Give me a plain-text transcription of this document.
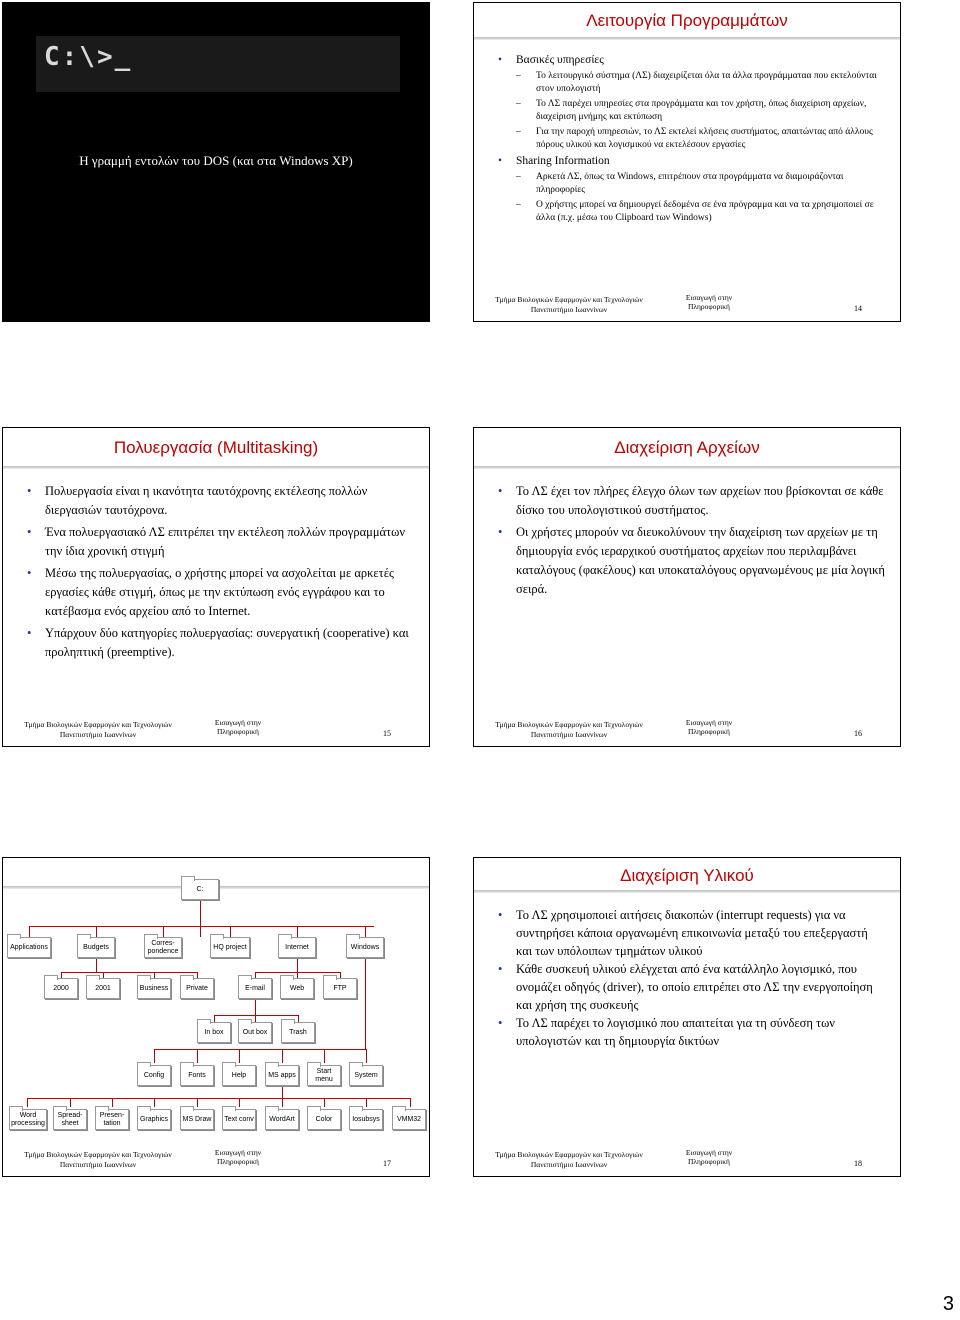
C:\>_
Η γραμμή εντολών του DOS (και στα Windows XP)
Λειτουργία Προγραμμάτων
• Βασικές υπηρεσίες
– Το λειτουργικό σύστημα (ΛΣ) διαχειρίζεται όλα τα άλλα προγράμματαα που εκτελούνται στον υπολογιστή
– Το ΛΣ παρέχει υπηρεσίες στα προγράμματα και τον χρήστη, όπως διαχείριση αρχείων, διαχείριση μνήμης και εκτύπωση
– Για την παροχή υπηρεσιών, το ΛΣ εκτελεί κλήσεις συστήματος, απαιτώντας από άλλους πόρους υλικού και λογισμικού να εκτελέσουν εργασίες
• Sharing Information
– Αρκετά ΛΣ, όπως τα Windows, επιτρέπουν στα προγράμματα να διαμοιράζονται πληροφορίες
– Ο χρήστης μπορεί να δημιουργεί δεδομένα σε ένα πρόγραμμα και να τα χρησιμοποιεί σε άλλα (π.χ. μέσω του Clipboard των Windows)
Τμήμα Βιολογικών Εφαρμογών και Τεχνολογιών
Πανεπιστήμιο Ιωαννίνων
Εισαγωγή στην Πληροφορική	14
Πολυεργασία (Multitasking)
• Πολυεργασία είναι η ικανότητα ταυτόχρονης εκτέλεσης πολλών διεργασιών ταυτόχρονα.
• Ένα πολυεργασιακό ΛΣ επιτρέπει την εκτέλεση πολλών προγραμμάτων την ίδια χρονική στιγμή
• Μέσω της πολυεργασίας, ο χρήστης μπορεί να ασχολείται με αρκετές εργασίες κάθε στιγμή, όπως με την εκτύπωση ενός εγγράφου και το κατέβασμα ενός αρχείου από το Internet.
• Υπάρχουν δύο κατηγορίες πολυεργασίας: συνεργατική (cooperative) και προληπτική (preemptive).
Τμήμα Βιολογικών Εφαρμογών και Τεχνολογιών
Πανεπιστήμιο Ιωαννίνων
Εισαγωγή στην Πληροφορική	15
Διαχείριση Αρχείων
• Το ΛΣ έχει τον πλήρες έλεγχο όλων των αρχείων που βρίσκονται σε κάθε δίσκο του υπολογιστικού συστήματος.
• Οι χρήστες μπορούν να διευκολύνουν την διαχείριση των αρχείων με τη δημιουργία ενός ιεραρχικού συστήματος αρχείων που περιλαμβάνει καταλόγους (φακέλους) και υποκαταλόγους οργανωμένους με μία λογική σειρά.
Τμήμα Βιολογικών Εφαρμογών και Τεχνολογιών
Πανεπιστήμιο Ιωαννίνων
Εισαγωγή στην Πληροφορική	16
C:
Applications	Budgets
Corres-pondence
HQ project	Internet	Windows
2000	2001	Business	Private	E-mail	Web	FTP
In box	Out box	Trash
Config	Fonts	Help	MS apps
Start menu
System
Word processing
Spread-sheet
Presen-tation
Graphics	MS Draw	Text conv	WordArt	Color	Iosubsys	VMM32
Τμήμα Βιολογικών Εφαρμογών και Τεχνολογιών
Πανεπιστήμιο Ιωαννίνων
Εισαγωγή στην Πληροφορική	17
Διαχείριση Υλικού
• Το ΛΣ χρησιμοποιεί αιτήσεις διακοπών (interrupt requests) για να συντηρήσει κάποια οργανωμένη επικοινωνία μεταξύ του επεξεργαστή και των υπόλοιπων τμημάτων υλικού
• Κάθε συσκευή υλικού ελέγχεται από ένα κατάλληλο λογισμικό, που ονομάζει οδηγός (driver), το οποίο επιτρέπει στο ΛΣ την ενεργοποίηση και χρήση της συσκευής
• Το ΛΣ παρέχει το λογισμικό που απαιτείται για τη σύνδεση των υπολογιστών και τη δημιουργία δικτύων
Τμήμα Βιολογικών Εφαρμογών και Τεχνολογιών
Πανεπιστήμιο Ιωαννίνων
Εισαγωγή στην Πληροφορική	18
3
